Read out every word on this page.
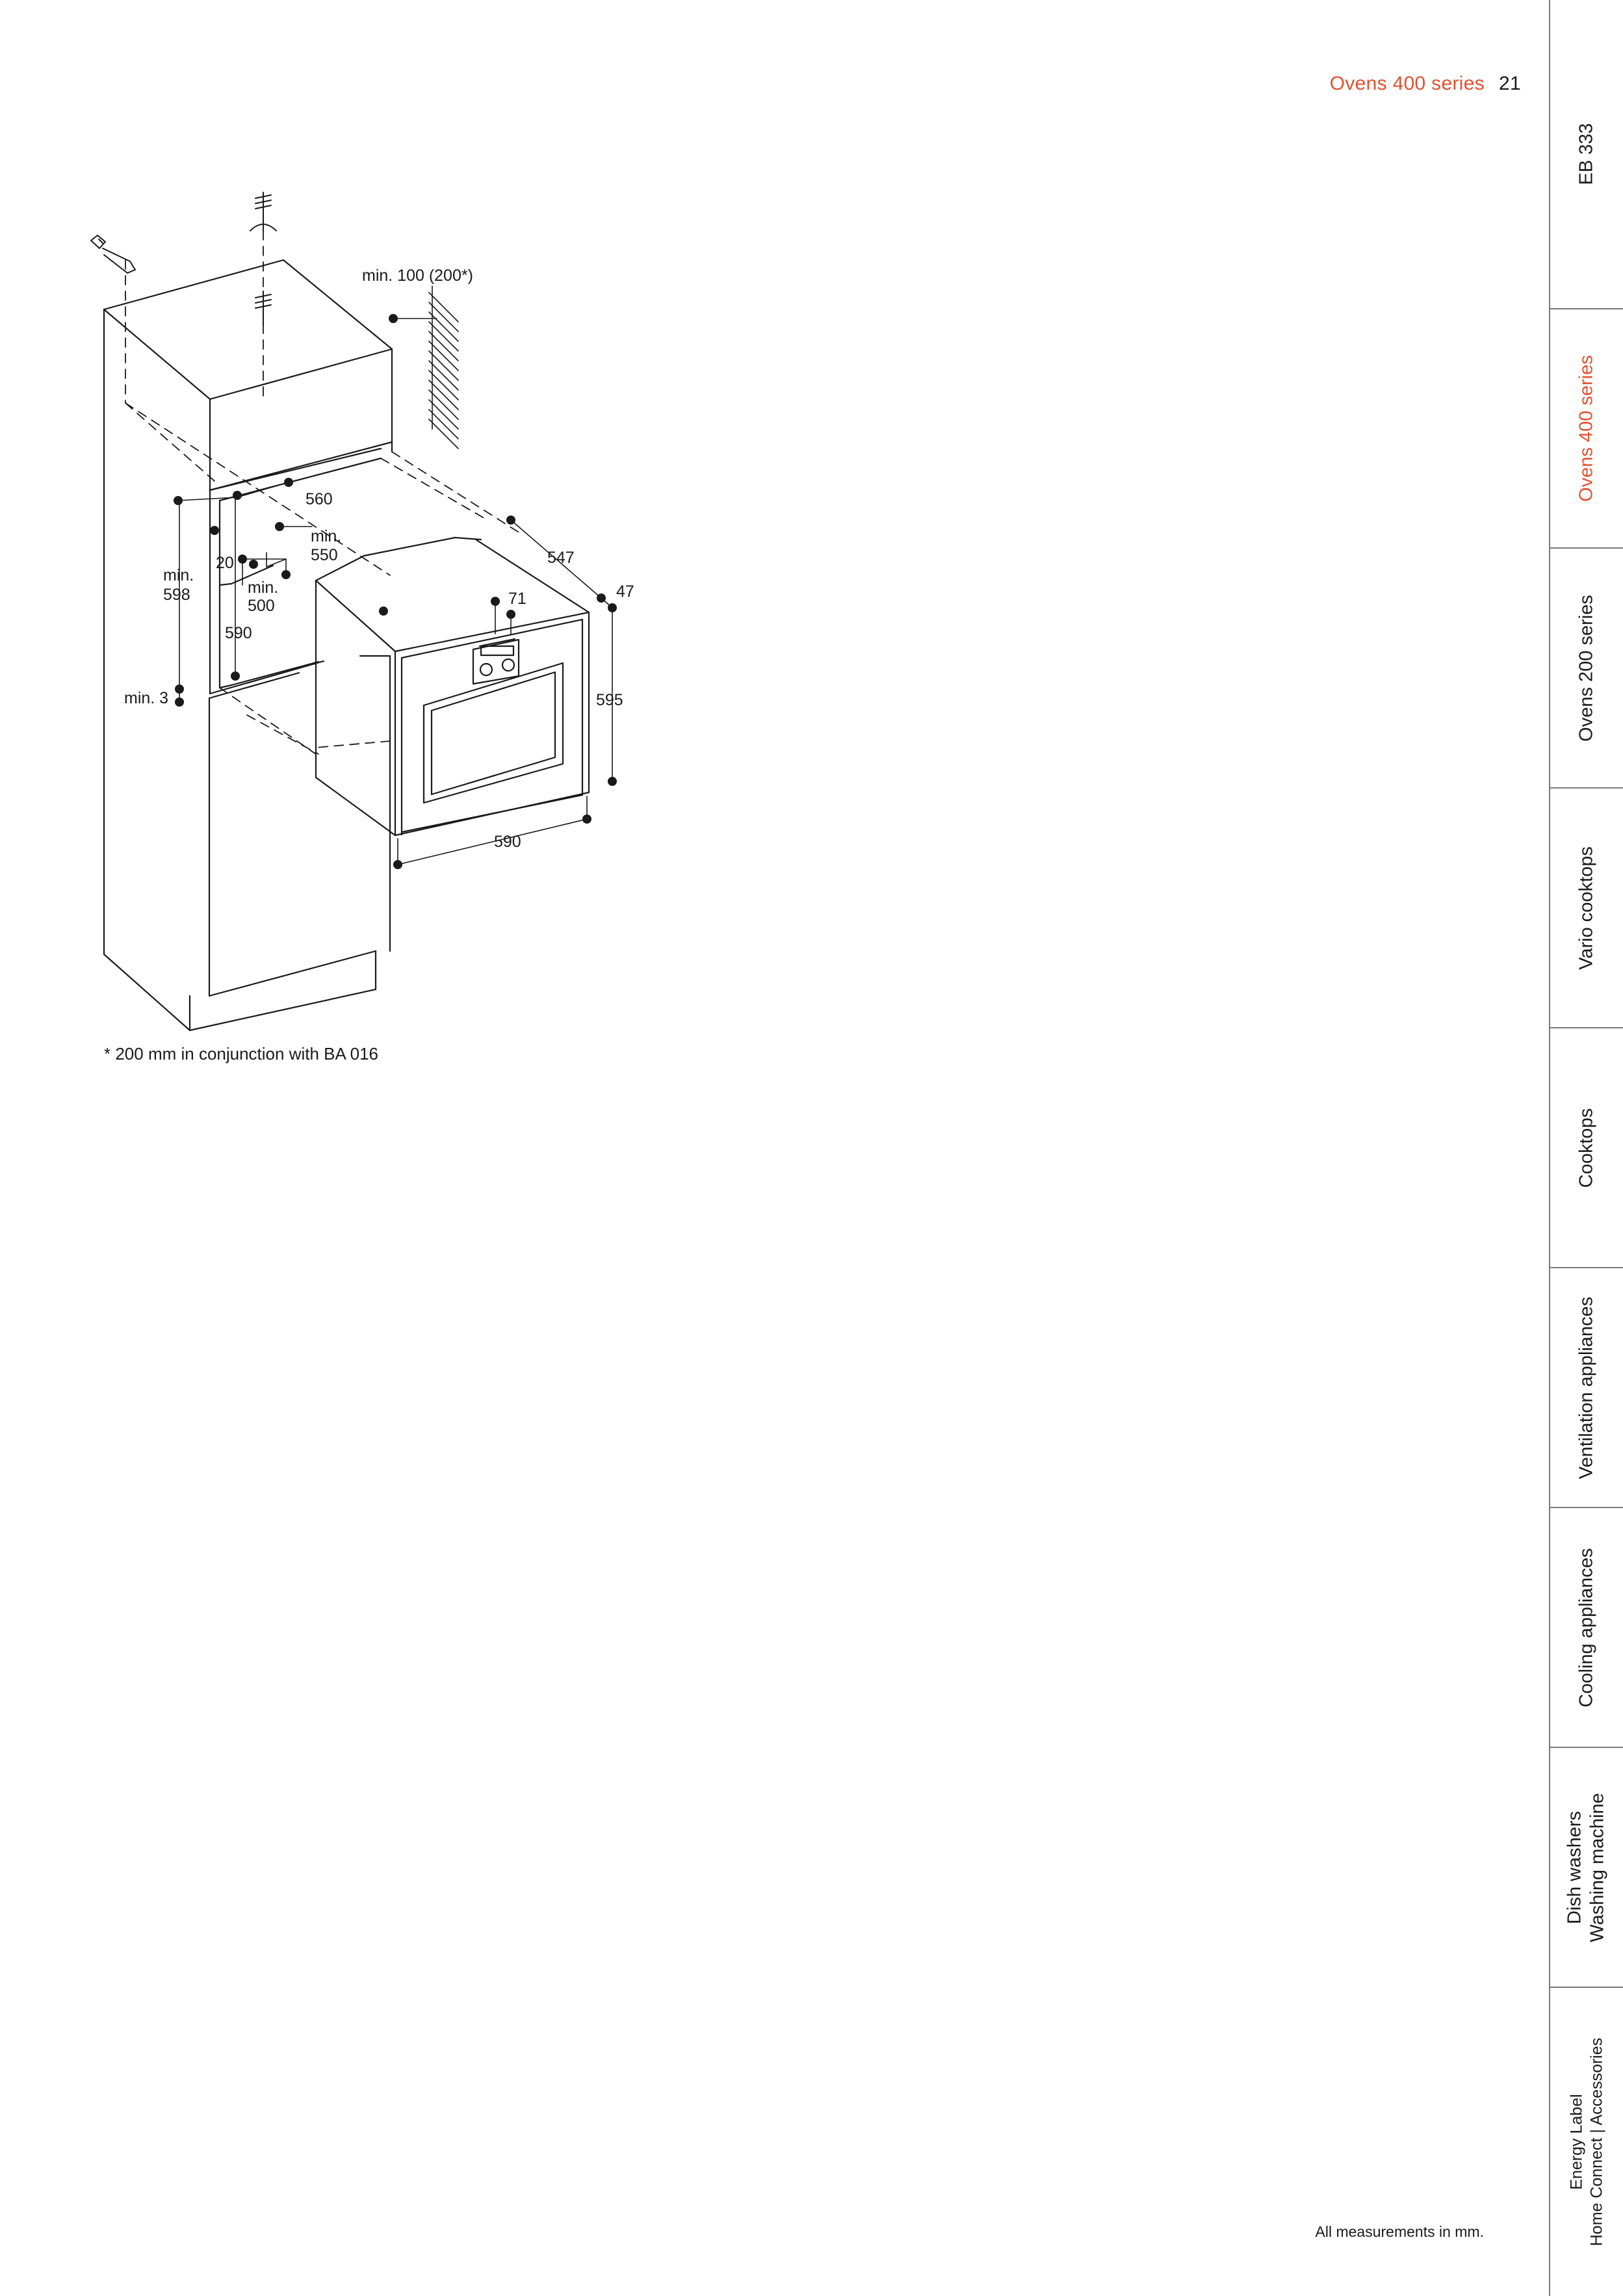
Ovens 400 series 21
min. 100 (200*)
560
min.
550
min.
598
20
min.
500
590
min. 3
547
47
71
595
590
* 200 mm in conjunction with BA 016
All measurements in mm.
EB 333
Ovens 400 series
Ovens 200 series
Vario cooktops
Cooktops
Ventilation appliances
Cooling appliances
Dish washers Washing machine
Energy Label Home Connect | Accessories
